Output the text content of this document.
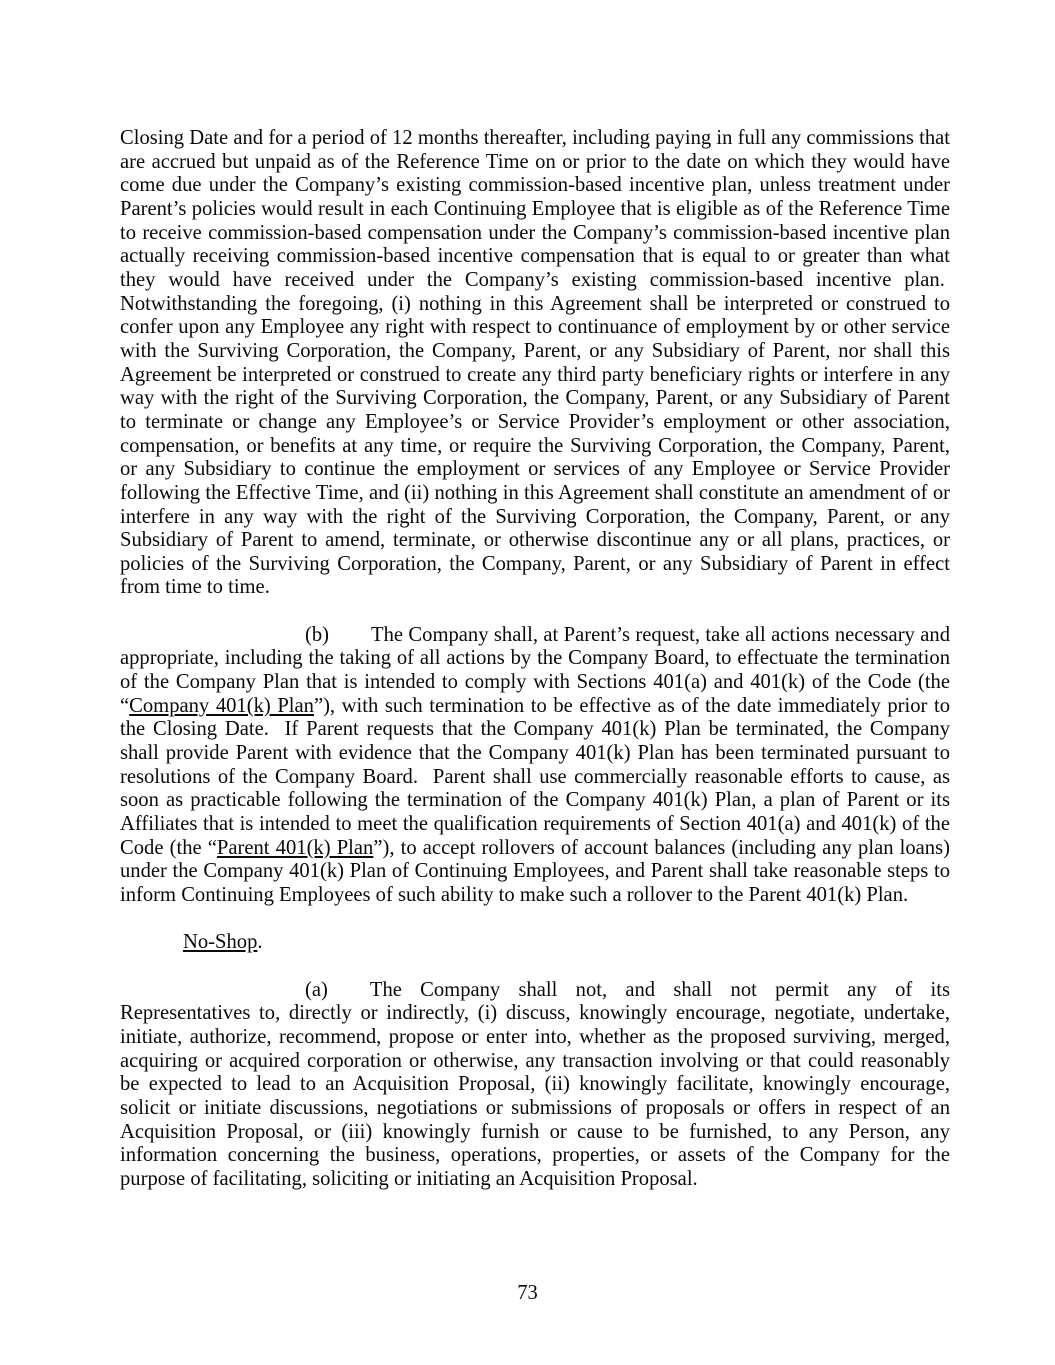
Closing Date and for a period of 12 months thereafter, including paying in full any commissions that are accrued but unpaid as of the Reference Time on or prior to the date on which they would have come due under the Company’s existing commission-based incentive plan, unless treatment under Parent’s policies would result in each Continuing Employee that is eligible as of the Reference Time to receive commission-based compensation under the Company’s commission-based incentive plan actually receiving commission-based incentive compensation that is equal to or greater than what they would have received under the Company’s existing commission-based incentive plan.  Notwithstanding the foregoing, (i) nothing in this Agreement shall be interpreted or construed to confer upon any Employee any right with respect to continuance of employment by or other service with the Surviving Corporation, the Company, Parent, or any Subsidiary of Parent, nor shall this Agreement be interpreted or construed to create any third party beneficiary rights or interfere in any way with the right of the Surviving Corporation, the Company, Parent, or any Subsidiary of Parent to terminate or change any Employee’s or Service Provider’s employment or other association, compensation, or benefits at any time, or require the Surviving Corporation, the Company, Parent, or any Subsidiary to continue the employment or services of any Employee or Service Provider following the Effective Time, and (ii) nothing in this Agreement shall constitute an amendment of or interfere in any way with the right of the Surviving Corporation, the Company, Parent, or any Subsidiary of Parent to amend, terminate, or otherwise discontinue any or all plans, practices, or policies of the Surviving Corporation, the Company, Parent, or any Subsidiary of Parent in effect from time to time.

(b) The Company shall, at Parent’s request, take all actions necessary and appropriate, including the taking of all actions by the Company Board, to effectuate the termination of the Company Plan that is intended to comply with Sections 401(a) and 401(k) of the Code (the “Company 401(k) Plan”), with such termination to be effective as of the date immediately prior to the Closing Date.  If Parent requests that the Company 401(k) Plan be terminated, the Company shall provide Parent with evidence that the Company 401(k) Plan has been terminated pursuant to resolutions of the Company Board.  Parent shall use commercially reasonable efforts to cause, as soon as practicable following the termination of the Company 401(k) Plan, a plan of Parent or its Affiliates that is intended to meet the qualification requirements of Section 401(a) and 401(k) of the Code (the “Parent 401(k) Plan”), to accept rollovers of account balances (including any plan loans) under the Company 401(k) Plan of Continuing Employees, and Parent shall take reasonable steps to inform Continuing Employees of such ability to make such a rollover to the Parent 401(k) Plan.

No-Shop.

(a) The Company shall not, and shall not permit any of its Representatives to, directly or indirectly, (i) discuss, knowingly encourage, negotiate, undertake, initiate, authorize, recommend, propose or enter into, whether as the proposed surviving, merged, acquiring or acquired corporation or otherwise, any transaction involving or that could reasonably be expected to lead to an Acquisition Proposal, (ii) knowingly facilitate, knowingly encourage, solicit or initiate discussions, negotiations or submissions of proposals or offers in respect of an Acquisition Proposal, or (iii) knowingly furnish or cause to be furnished, to any Person, any information concerning the business, operations, properties, or assets of the Company for the purpose of facilitating, soliciting or initiating an Acquisition Proposal.

73
